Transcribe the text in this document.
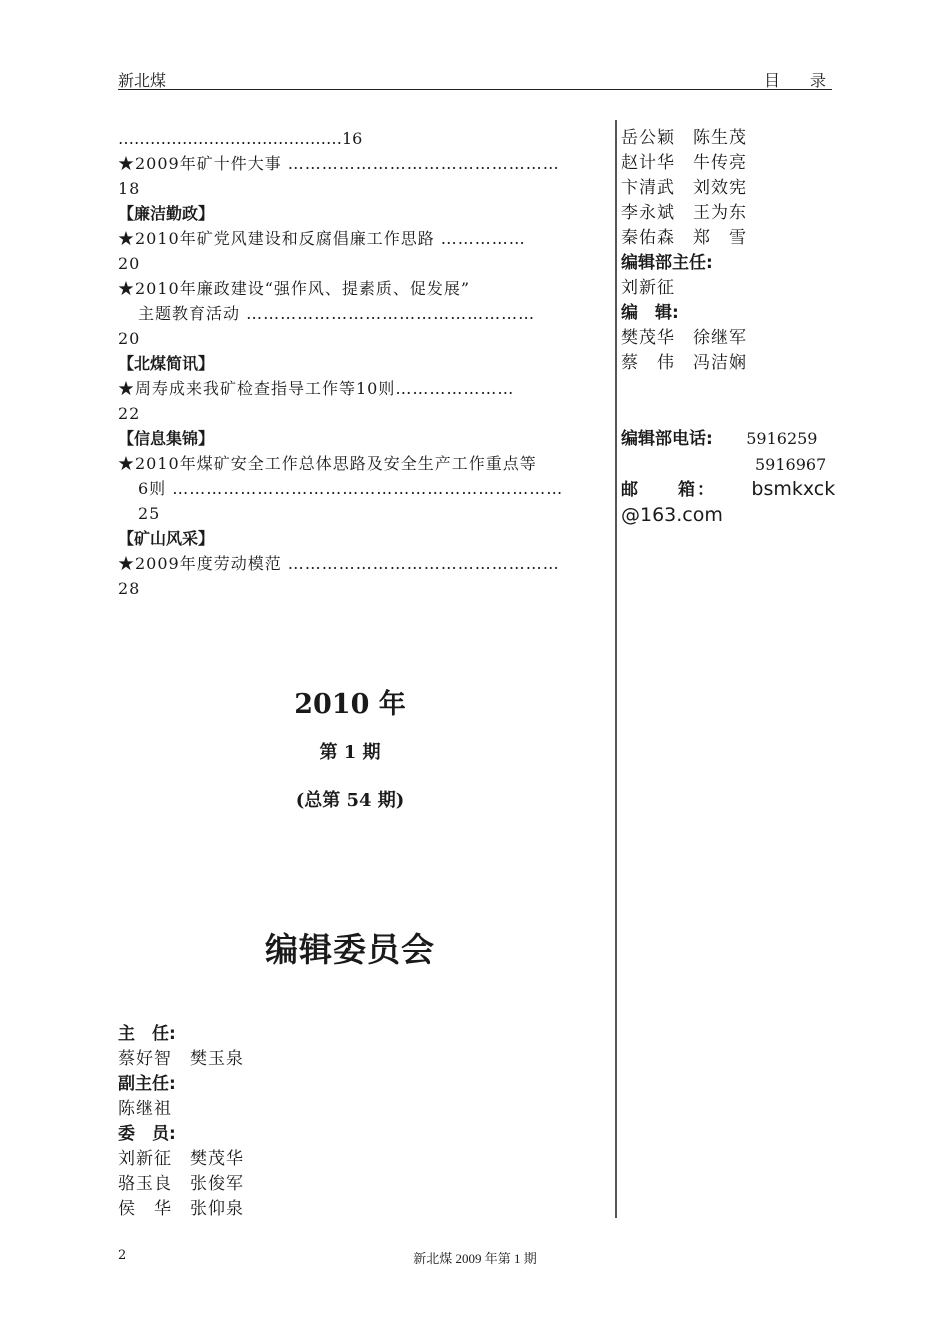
新北煤	目录
……………………………………16
★2009年矿十件大事 …………………………………………
18
【廉洁勤政】
★2010年矿党风建设和反腐倡廉工作思路 ……………
20
★2010年廉政建设“强作风、提素质、促发展”
主题教育活动 ……………………………………………
20
【北煤简讯】
★周寿成来我矿检查指导工作等10则…………………
22
【信息集锦】
★2010年煤矿安全工作总体思路及安全生产工作重点等
6则 ……………………………………………………………
25
【矿山风采】
★2009年度劳动模范 …………………………………………
28
2010 年
第 1 期
(总第 54 期)
编辑委员会
主　任:
蔡好智　樊玉泉
副主任:
陈继祖
委　员:
刘新征　樊茂华
骆玉良　张俊军
侯　华　张仰泉
岳公颖　陈生茂
赵计华　牛传亮
卞清武　刘效宪
李永斌　王为东
秦佑森　郑　雪
编辑部主任:
刘新征
编　辑:
樊茂华　徐继军
蔡　伟　冯洁娴
编辑部电话: 5916259
5916967
邮　　箱： bsmkxck
@163.com
2	新北煤 2009 年第 1 期
